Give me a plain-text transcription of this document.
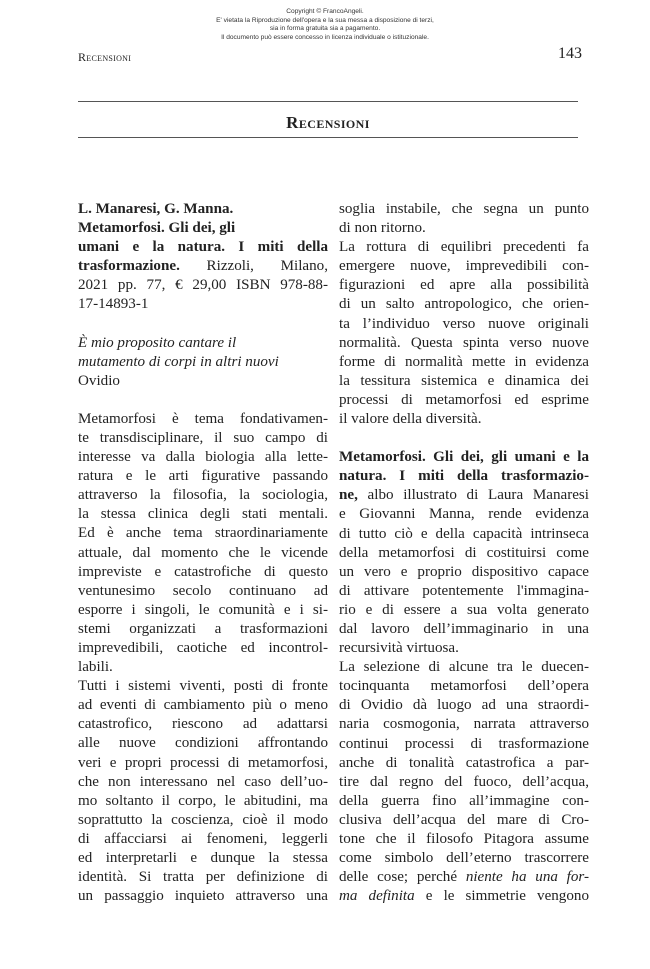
Copyright © FrancoAngeli.
E' vietata la Riproduzione dell'opera e la sua messa a disposizione di terzi,
sia in forma gratuita sia a pagamento.
Il documento può essere concesso in licenza individuale o istituzionale.
Recensioni	143
Recensioni
L. Manaresi, G. Manna.
Metamorfosi. Gli dei, gli
umani e la natura. I miti della
trasformazione. Rizzoli, Milano,
2021 pp. 77, € 29,00 ISBN 978-88-
17-14893-1
È mio proposito cantare il
mutamento di corpi in altri nuovi
Ovidio
Metamorfosi è tema fondativamen-
te transdisciplinare, il suo campo di
interesse va dalla biologia alla lette-
ratura e le arti figurative passando
attraverso la filosofia, la sociologia,
la stessa clinica degli stati mentali.
Ed è anche tema straordinariamente
attuale, dal momento che le vicende
impreviste e catastrofiche di questo
ventunesimo secolo continuano ad
esporre i singoli, le comunità e i si-
stemi organizzati a trasformazioni
imprevedibili, caotiche ed incontrol-
labili.
Tutti i sistemi viventi, posti di fronte
ad eventi di cambiamento più o meno
catastrofico, riescono ad adattarsi
alle nuove condizioni affrontando
veri e propri processi di metamorfosi,
che non interessano nel caso dell’uo-
mo soltanto il corpo, le abitudini, ma
soprattutto la coscienza, cioè il modo
di affacciarsi ai fenomeni, leggerli
ed interpretarli e dunque la stessa
identità. Si tratta per definizione di
un passaggio inquieto attraverso una
soglia instabile, che segna un punto
di non ritorno.
La rottura di equilibri precedenti fa
emergere nuove, imprevedibili con-
figurazioni ed apre alla possibilità
di un salto antropologico, che orien-
ta l’individuo verso nuove originali
normalità. Questa spinta verso nuove
forme di normalità mette in evidenza
la tessitura sistemica e dinamica dei
processi di metamorfosi ed esprime
il valore della diversità.
Metamorfosi. Gli dei, gli umani e la
natura. I miti della trasformazio-
ne, albo illustrato di Laura Manaresi
e Giovanni Manna, rende evidenza
di tutto ciò e della capacità intrinseca
della metamorfosi di costituirsi come
un vero e proprio dispositivo capace
di attivare potentemente l'immagina-
rio e di essere a sua volta generato
dal lavoro dell’immaginario in una
recursività virtuosa.
La selezione di alcune tra le duecen-
tocinquanta metamorfosi dell’opera
di Ovidio dà luogo ad una straordi-
naria cosmogonia, narrata attraverso
continui processi di trasformazione
anche di tonalità catastrofica a par-
tire dal regno del fuoco, dell’acqua,
della guerra fino all’immagine con-
clusiva dell’acqua del mare di Cro-
tone che il filosofo Pitagora assume
come simbolo dell’eterno trascorrere
delle cose; perché niente ha una for-
ma definita e le simmetrie vengono
